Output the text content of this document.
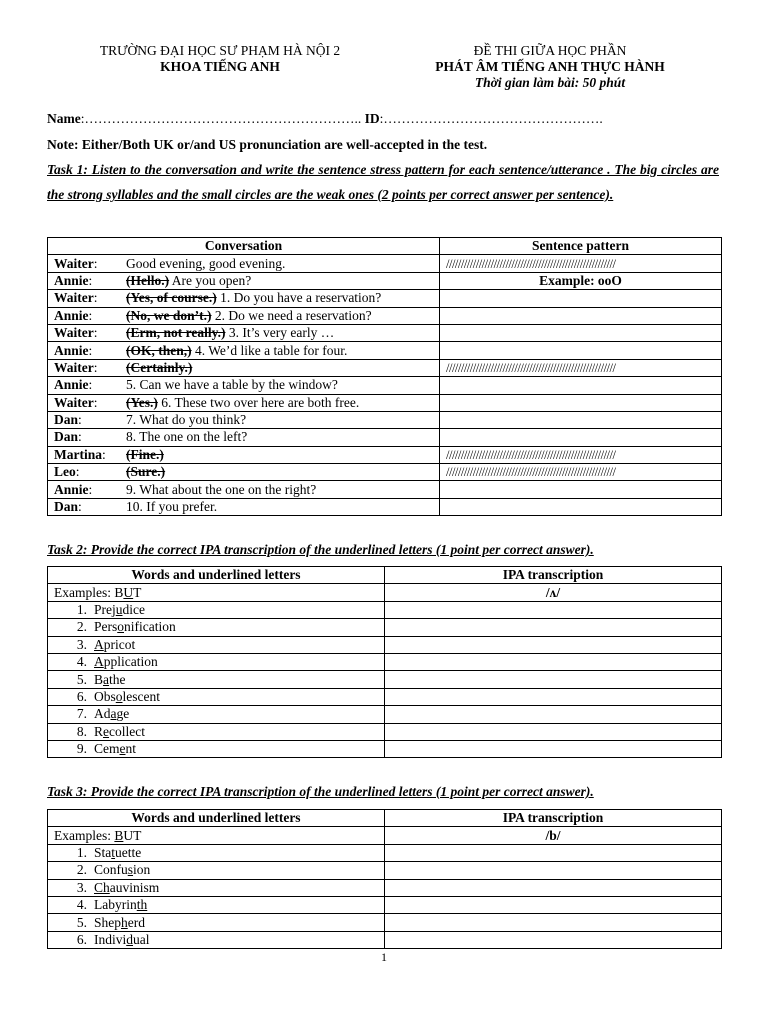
TRƯỜNG ĐẠI HỌC SƯ PHẠM HÀ NỘI 2
KHOA TIẾNG ANH
ĐỀ THI GIỮA HỌC PHẦN
PHÁT ÂM TIẾNG ANH THỰC HÀNH
Thời gian làm bài: 50 phút
Name:…………………………………………………….. ID:………………………………………….
Note: Either/Both UK or/and US pronunciation are well-accepted in the test.
Task 1: Listen to the conversation and write the sentence stress pattern for each sentence/utterance . The big circles are the strong syllables and the small circles are the weak ones (2 points per correct answer per sentence).
Conversation	Sentence pattern
Waiter: Good evening, good evening.	/////////////////////////////////////////////////////////
Annie: (Hello.) Are you open?	Example: ooO
Waiter: (Yes, of course.) 1. Do you have a reservation?	
Annie: (No, we don’t.) 2. Do we need a reservation?	
Waiter: (Erm, not really.) 3. It’s very early …	
Annie: (OK, then,) 4. We’d like a table for four.	
Waiter: (Certainly.)	/////////////////////////////////////////////////////////
Annie: 5. Can we have a table by the window?	
Waiter: (Yes.) 6. These two over here are both free.	
Dan: 7. What do you think?	
Dan: 8. The one on the left?	
Martina: (Fine.)	/////////////////////////////////////////////////////////
Leo: (Sure.)	/////////////////////////////////////////////////////////
Annie: 9. What about the one on the right?	
Dan: 10. If you prefer.	
Task 2: Provide the correct IPA transcription of the underlined letters (1 point per correct answer).
Words and underlined letters	IPA transcription
Examples: BUT	/ʌ/
1. Prejudice	
2. Personification	
3. Apricot	
4. Application	
5. Bathe	
6. Obsolescent	
7. Adage	
8. Recollect	
9. Cement	
Task 3: Provide the correct IPA transcription of the underlined letters (1 point per correct answer).
Words and underlined letters	IPA transcription
Examples: BUT	/b/
1. Statuette	
2. Confusion	
3. Chauvinism	
4. Labyrinth	
5. Shepherd	
6. Individual	
1
